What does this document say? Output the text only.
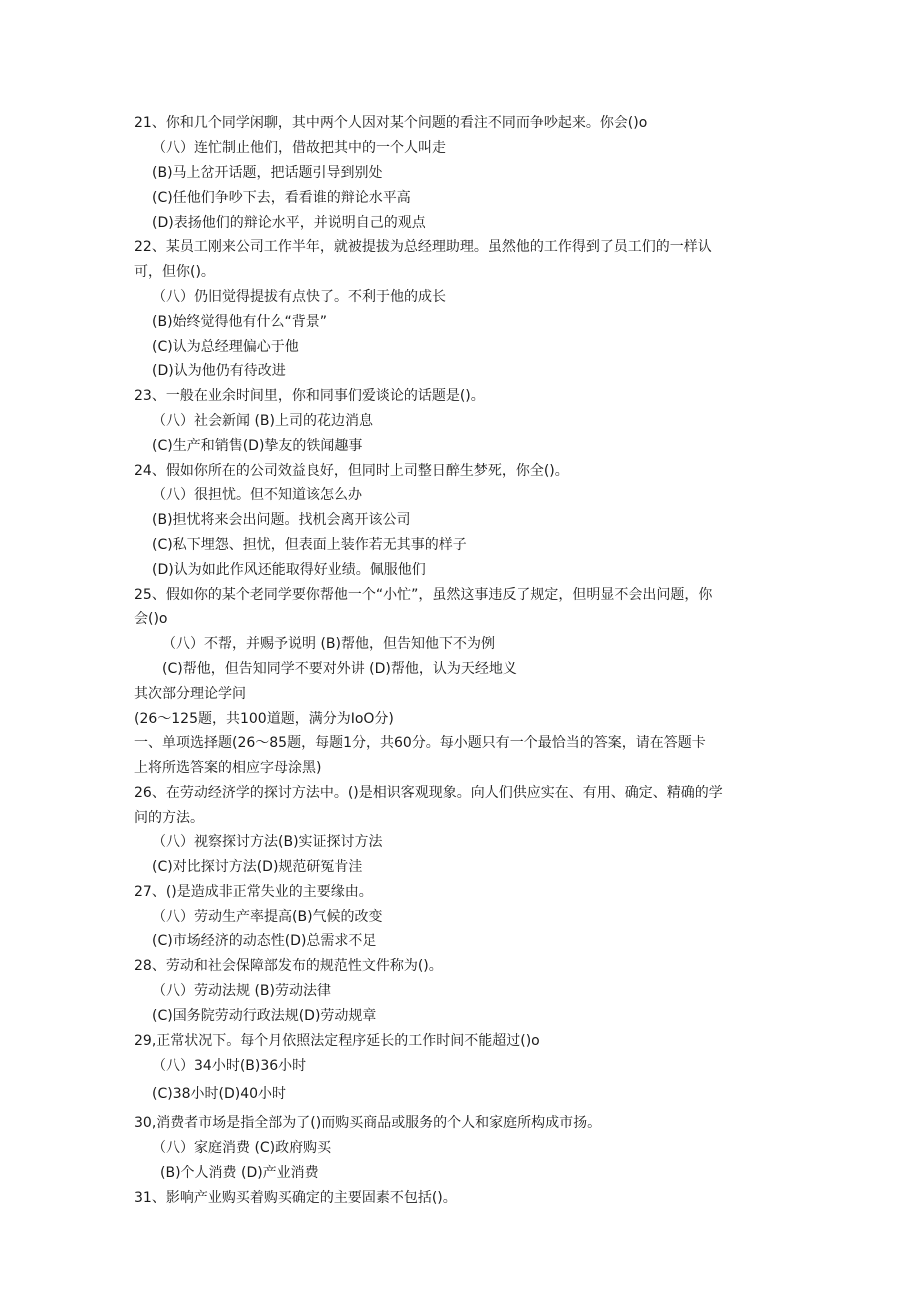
21、你和几个同学闲聊，其中两个人因对某个问题的看注不同而争吵起来。你会()o
（八）连忙制止他们，借故把其中的一个人叫走
(B)马上岔开话题，把话题引导到别处
(C)任他们争吵下去，看看谁的辩论水平高
(D)表扬他们的辩论水平，并说明自己的观点
22、某员工刚来公司工作半年，就被提拔为总经理助理。虽然他的工作得到了员工们的一样认
可，但你()。
（八）仍旧觉得提拔有点快了。不利于他的成长
(B)始终觉得他有什么“背景”
(C)认为总经理偏心于他
(D)认为他仍有待改进
23、一般在业余时间里，你和同事们爱谈论的话题是()。
（八）社会新闻 (B)上司的花边消息
(C)生产和销售(D)挚友的铁闻趣事
24、假如你所在的公司效益良好，但同时上司整日醉生梦死，你全()。
（八）很担忧。但不知道该怎么办
(B)担忧将来会出问题。找机会离开该公司
(C)私下埋怨、担忧，但表面上装作若无其事的样子
(D)认为如此作风还能取得好业绩。佩服他们
25、假如你的某个老同学要你帮他一个“小忙”，虽然这事违反了规定，但明显不会出问题，你
会()o
（八）不帮，并赐予说明 (B)帮他，但告知他下不为例
(C)帮他，但告知同学不要对外讲 (D)帮他，认为天经地义
其次部分理论学问
(26〜125题，共100道题，满分为IoO分)
一、单项选择题(26〜85题，每题1分，共60分。每小题只有一个最恰当的答案，请在答题卡
上将所选答案的相应字母涂黑)
26、在劳动经济学的探讨方法中。()是相识客观现象。向人们供应实在、有用、确定、精确的学
问的方法。
（八）视察探讨方法(B)实证探讨方法
(C)对比探讨方法(D)规范研冤肯洼
27、()是造成非正常失业的主要缘由。
（八）劳动生产率提高(B)气候的改变
(C)市场经济的动态性(D)总需求不足
28、劳动和社会保障部发布的规范性文件称为()。
（八）劳动法规 (B)劳动法律
(C)国务院劳动行政法规(D)劳动规章
29,正常状况下。每个月依照法定程序延长的工作时间不能超过()o
（八）34小时(B)36小时
(C)38小时(D)40小时
30,消费者市场是指全部为了()而购买商品或服务的个人和家庭所构成市扬。
（八）家庭消费 (C)政府购买
(B)个人消费 (D)产业消费
31、影响产业购买着购买确定的主要固素不包括()。
